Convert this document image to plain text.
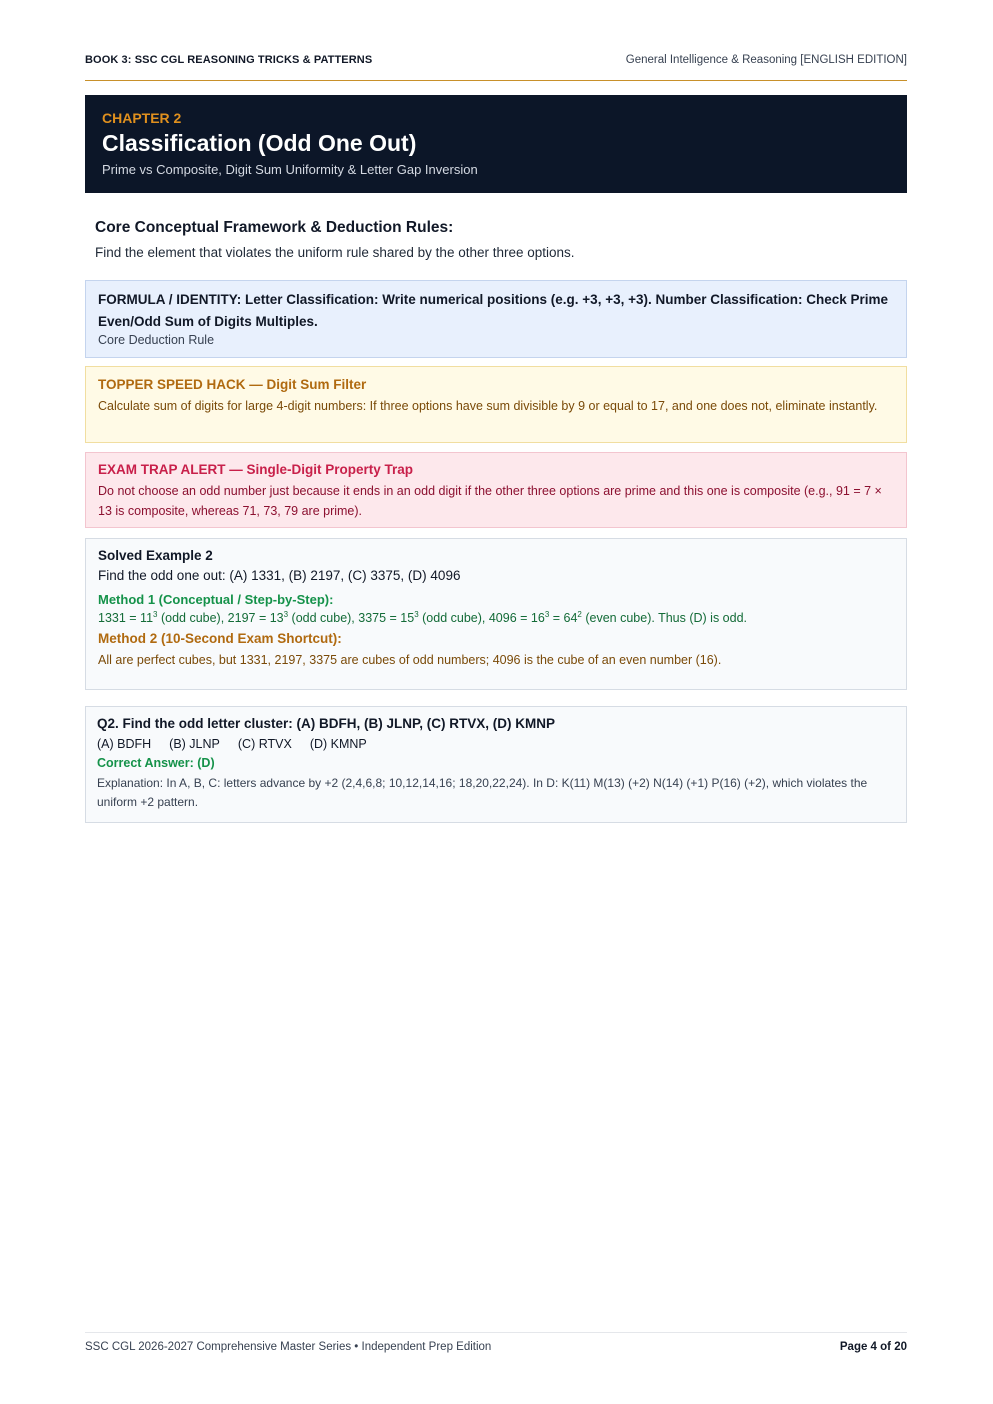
BOOK 3: SSC CGL REASONING TRICKS & PATTERNS	General Intelligence & Reasoning [ENGLISH EDITION]
CHAPTER 2
Classification (Odd One Out)
Prime vs Composite, Digit Sum Uniformity & Letter Gap Inversion
Core Conceptual Framework & Deduction Rules:
Find the element that violates the uniform rule shared by the other three options.
FORMULA / IDENTITY: Letter Classification: Write numerical positions (e.g. +3, +3, +3). Number Classification: Check Prime Even/Odd Sum of Digits Multiples.
Core Deduction Rule
TOPPER SPEED HACK — Digit Sum Filter
Calculate sum of digits for large 4-digit numbers: If three options have sum divisible by 9 or equal to 17, and one does not, eliminate instantly.
EXAM TRAP ALERT — Single-Digit Property Trap
Do not choose an odd number just because it ends in an odd digit if the other three options are prime and this one is composite (e.g., 91 = 7 × 13 is composite, whereas 71, 73, 79 are prime).
Solved Example 2
Find the odd one out: (A) 1331, (B) 2197, (C) 3375, (D) 4096
Method 1 (Conceptual / Step-by-Step):
$1331 = 11^3$ (odd cube), $2197 = 13^3$ (odd cube), $3375 = 15^3$ (odd cube), $4096 = 16^3 = 64^2$ (even cube). Thus (D) is odd.
Method 2 (10-Second Exam Shortcut):
All are perfect cubes, but 1331, 2197, 3375 are cubes of odd numbers; 4096 is the cube of an even number (16).
Q2. Find the odd letter cluster: (A) BDFH, (B) JLNP, (C) RTVX, (D) KMNP
(A) BDFH (B) JLNP (C) RTVX (D) KMNP
Correct Answer: (D)
Explanation: In A, B, C: letters advance by +2 (2,4,6,8; 10,12,14,16; 18,20,22,24). In D: K(11) M(13) (+2) N(14) (+1) P(16) (+2), which violates the uniform +2 pattern.
SSC CGL 2026-2027 Comprehensive Master Series • Independent Prep Edition	Page 4 of 20
